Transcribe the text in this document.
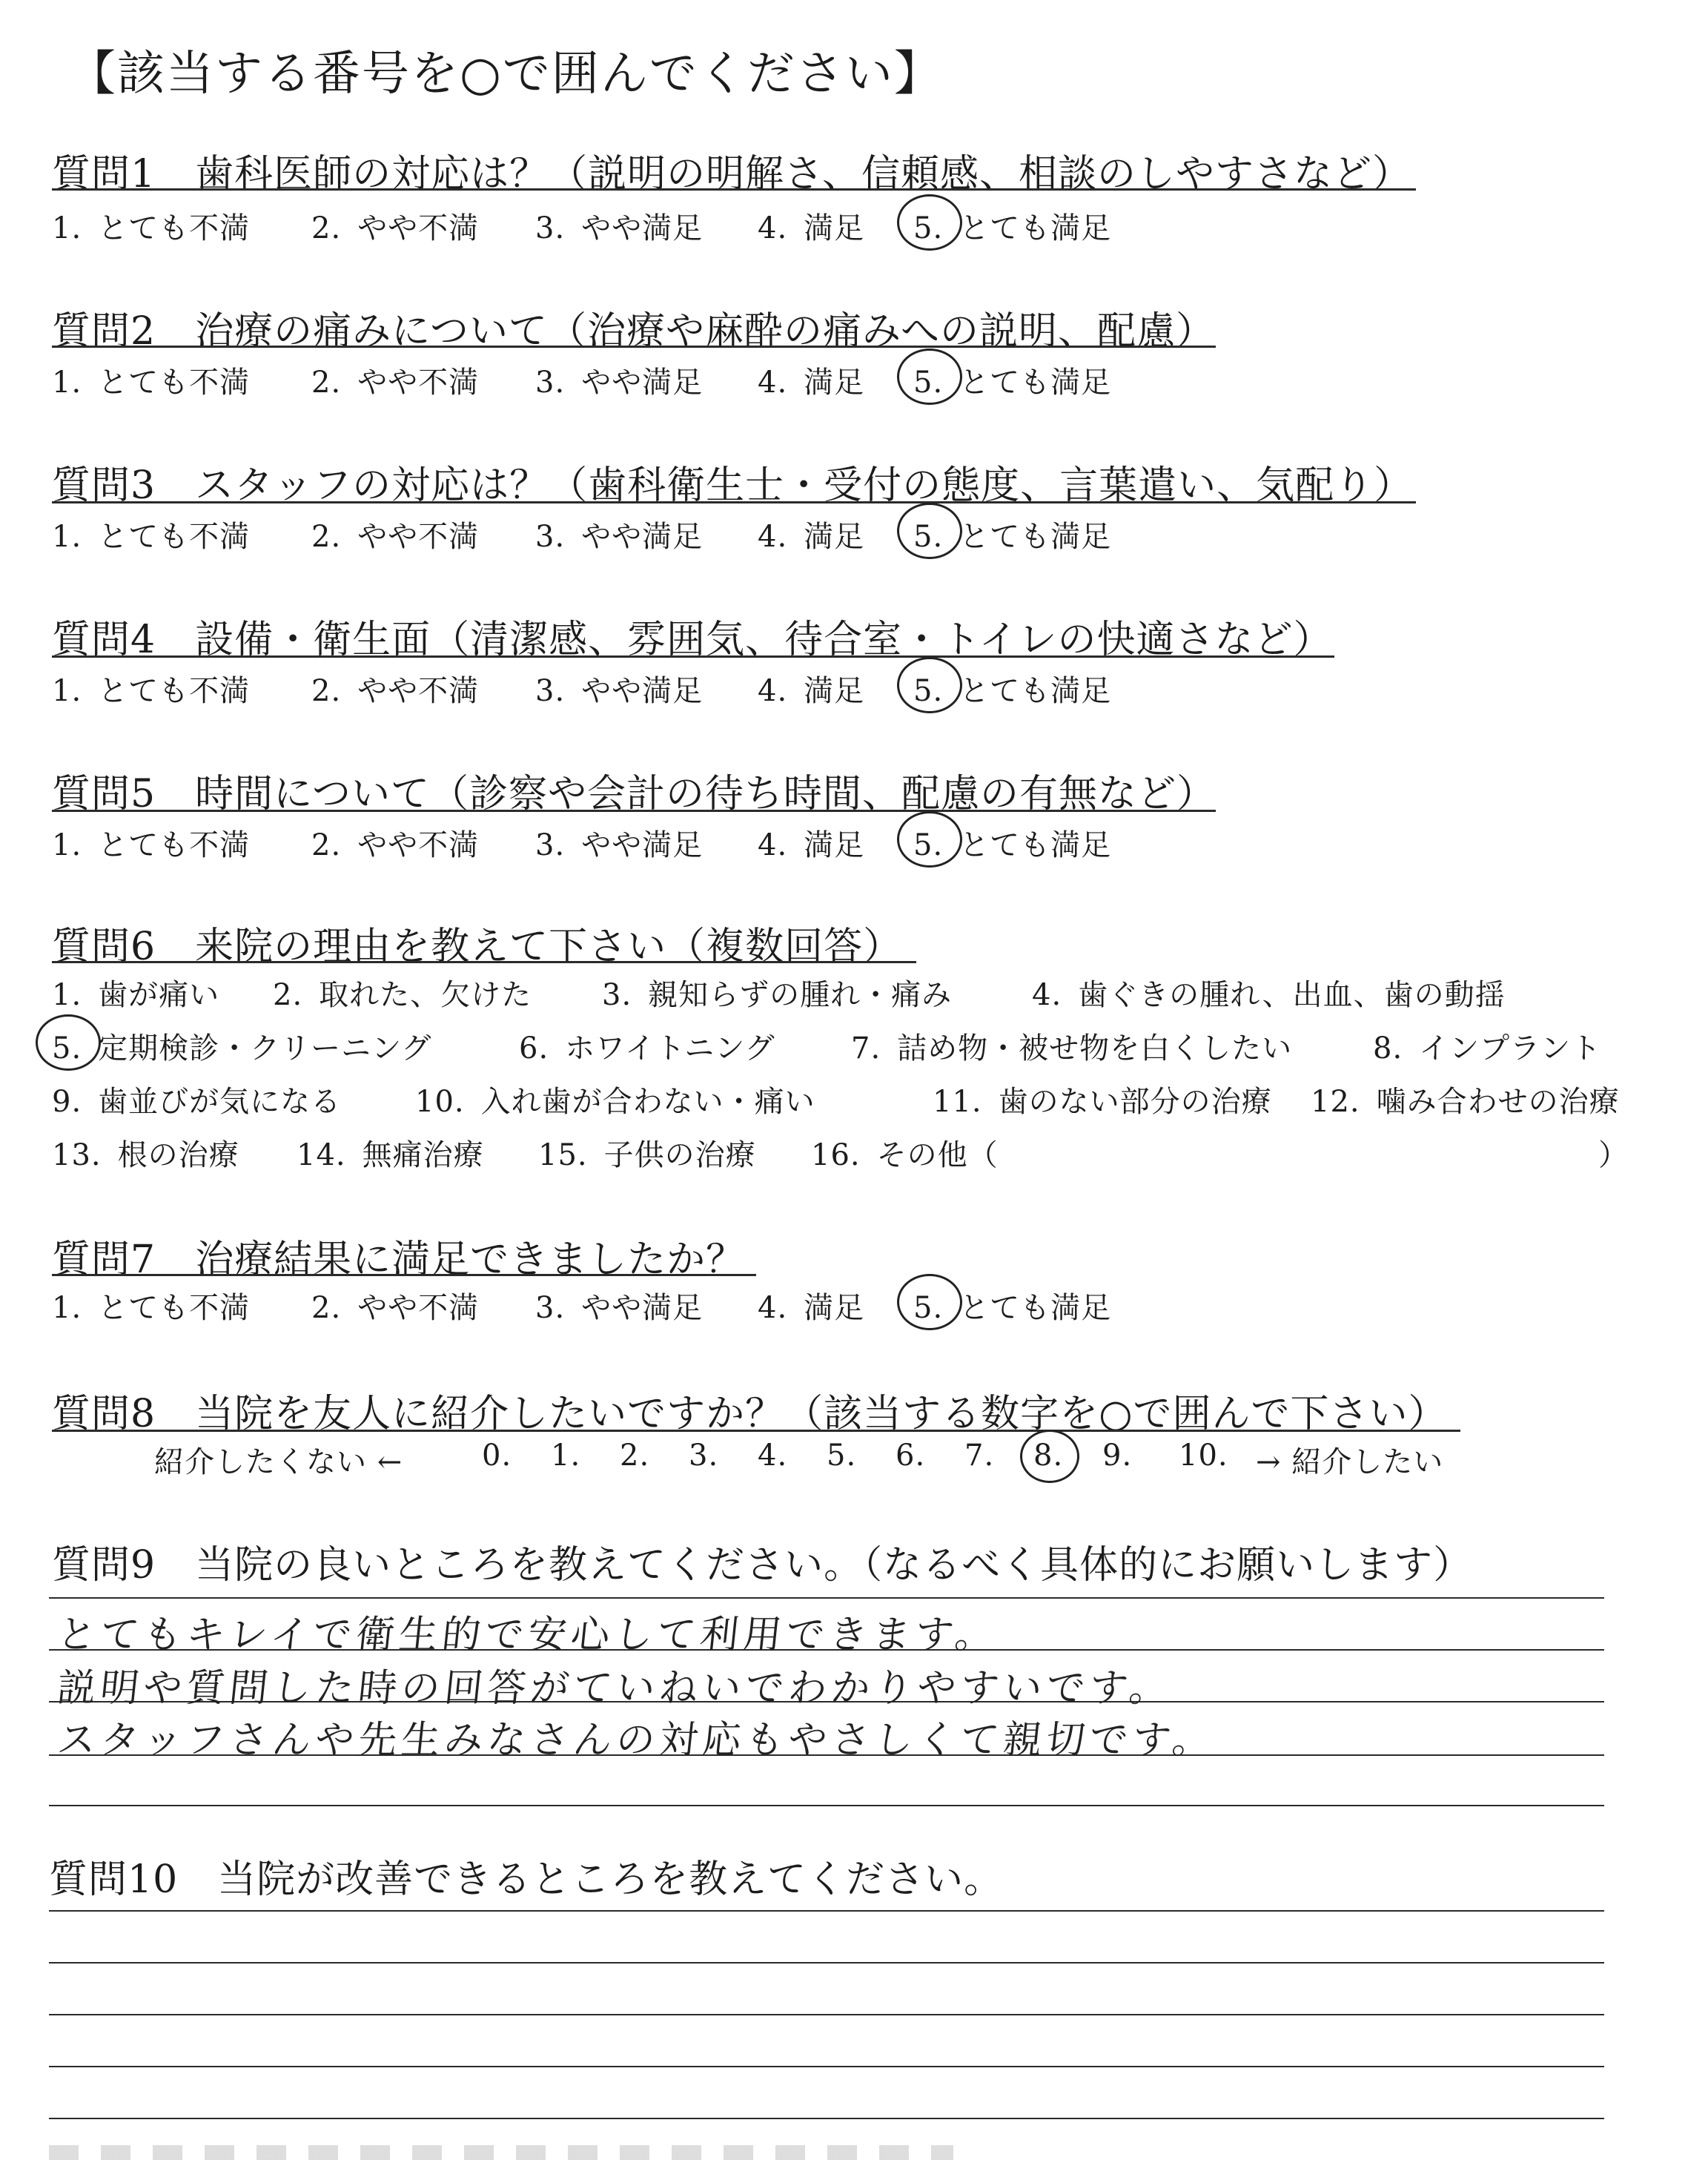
【該当する番号を○で囲んでください】
質問1　歯科医師の対応は？（説明の明解さ、信頼感、相談のしやすさなど）
質問2　治療の痛みについて（治療や麻酔の痛みへの説明、配慮）
質問3　スタッフの対応は？（歯科衛生士・受付の態度、言葉遣い、気配り）
質問4　設備・衛生面（清潔感、雰囲気、待合室・トイレの快適さなど）
質問5　時間について（診察や会計の待ち時間、配慮の有無など）
質問6　来院の理由を教えて下さい（複数回答）
質問7　治療結果に満足できましたか？
質問8　当院を友人に紹介したいですか？（該当する数字を○で囲んで下さい）
質問9　当院の良いところを教えてください。（なるべく具体的にお願いします）
とてもキレイで衛生的で安心して利用できます。
説明や質問した時の回答がていねいでわかりやすいです。
スタッフさんや先生みなさんの対応もやさしくて親切です。
質問10　当院が改善できるところを教えてください。
1. とても不満 2. やや不満 3. やや満足 4. 満足 5. とても満足
1. とても不満 2. やや不満 3. やや満足 4. 満足 5. とても満足
1. とても不満 2. やや不満 3. やや満足 4. 満足 5. とても満足
1. とても不満 2. やや不満 3. やや満足 4. 満足 5. とても満足
1. とても不満 2. やや不満 3. やや満足 4. 満足 5. とても満足
1. とても不満 2. やや不満 3. やや満足 4. 満足 5. とても満足
1. 歯が痛い 2. 取れた、欠けた 3. 親知らずの腫れ・痛み	4. 歯ぐきの腫れ、出血、歯の動揺
5. 定期検診・クリーニング	6. ホワイトニング	7. 詰め物・被せ物を白くしたい	8. インプラント
9. 歯並びが気になる 10. 入れ歯が合わない・痛い	11. 歯のない部分の治療 12. 噛み合わせの治療
13. 根の治療 14. 無痛治療 15. 子供の治療 16. その他（	）
紹介したくない ←	0. 1. 2. 3. 4. 5. 6. 7. 8. 9. 10. → 紹介したい
